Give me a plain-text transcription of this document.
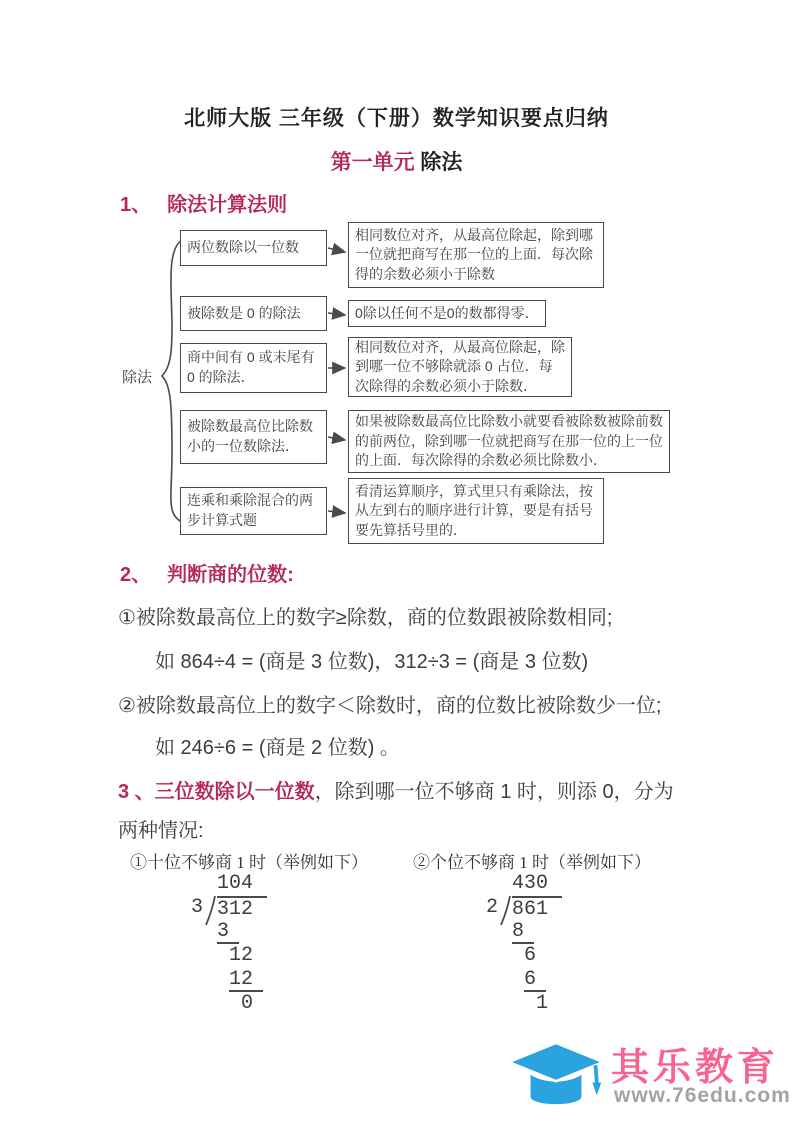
北师大版 三年级（下册）数学知识要点归纳
第一单元 除法
1、 除法计算法则
除法
两位数除以一位数
相同数位对齐，从最高位除起，除到哪一位就把商写在那一位的上面．每次除得的余数必须小于除数
被除数是 0 的除法	0除以任何不是0的数都得零．
商中间有 0 或末尾有 0 的除法．
相同数位对齐，从最高位除起，除到哪一位不够除就添 0 占位．每次除得的余数必须小于除数．
被除数最高位比除数小的一位数除法．
如果被除数最高位比除数小就要看被除数被除前数的前两位，除到哪一位就把商写在那一位的上一位的上面．每次除得的余数必须比除数小．
连乘和乘除混合的两步计算式题
看清运算顺序，算式里只有乘除法，按从左到右的顺序进行计算，要是有括号要先算括号里的．
2、 判断商的位数:
①被除数最高位上的数字≥除数，商的位数跟被除数相同;
如 864÷4 = (商是 3 位数)，312÷3 = (商是 3 位数)
②被除数最高位上的数字＜除数时，商的位数比被除数少一位;
如 246÷6 = (商是 2 位数) 。
3 、三位数除以一位数，除到哪一位不够商 1 时，则添 0，分为
两种情况:
①十位不够商 1 时（举例如下）	②个位不够商 1 时（举例如下）
104
3 312
3
12
12
0
430
2 861
8
6
6
1
其乐教育
www.76edu.com
